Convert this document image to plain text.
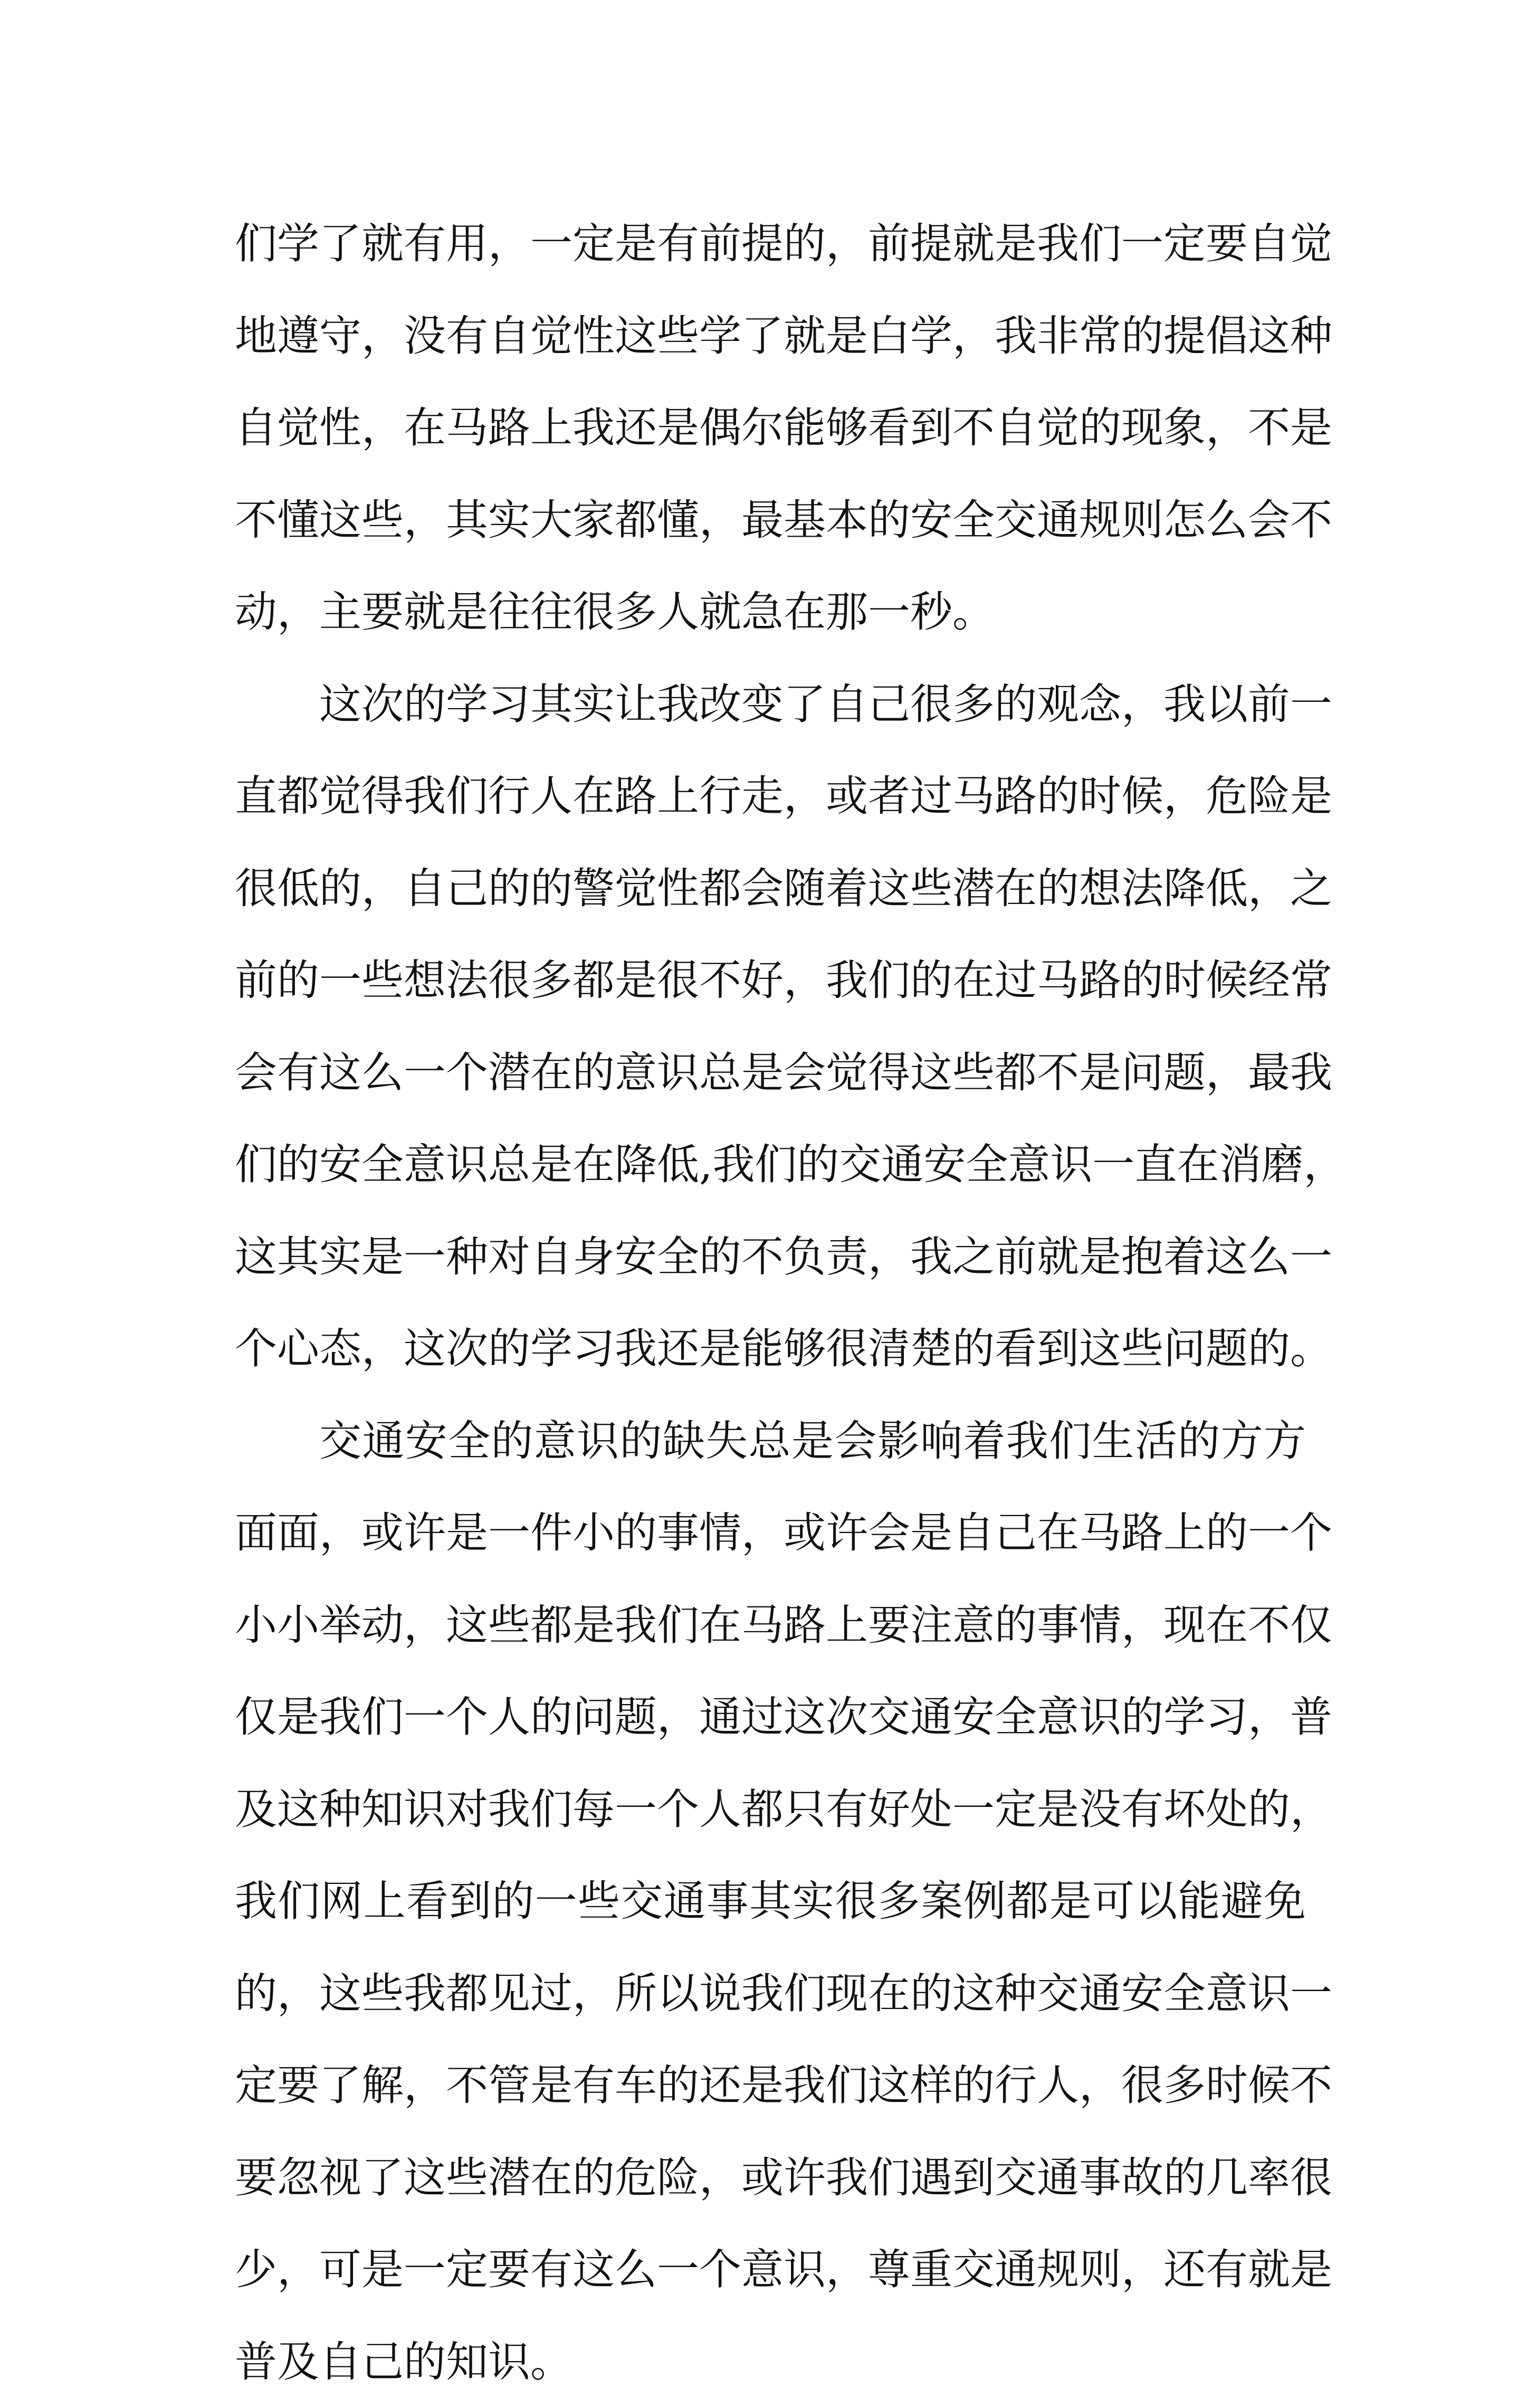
们学了就有用，一定是有前提的，前提就是我们一定要自觉
地遵守，没有自觉性这些学了就是白学，我非常的提倡这种
自觉性，在马路上我还是偶尔能够看到不自觉的现象，不是
不懂这些，其实大家都懂，最基本的安全交通规则怎么会不
动，主要就是往往很多人就急在那一秒。

这次的学习其实让我改变了自己很多的观念，我以前一
直都觉得我们行人在路上行走，或者过马路的时候，危险是
很低的，自己的的警觉性都会随着这些潜在的想法降低，之
前的一些想法很多都是很不好，我们的在过马路的时候经常
会有这么一个潜在的意识总是会觉得这些都不是问题，最我
们的安全意识总是在降低,我们的交通安全意识一直在消磨，
这其实是一种对自身安全的不负责，我之前就是抱着这么一
个心态，这次的学习我还是能够很清楚的看到这些问题的。

交通安全的意识的缺失总是会影响着我们生活的方方
面面，或许是一件小的事情，或许会是自己在马路上的一个
小小举动，这些都是我们在马路上要注意的事情，现在不仅
仅是我们一个人的问题，通过这次交通安全意识的学习，普
及这种知识对我们每一个人都只有好处一定是没有坏处的，
我们网上看到的一些交通事其实很多案例都是可以能避免
的，这些我都见过，所以说我们现在的这种交通安全意识一
定要了解，不管是有车的还是我们这样的行人，很多时候不
要忽视了这些潜在的危险，或许我们遇到交通事故的几率很
少，可是一定要有这么一个意识，尊重交通规则，还有就是
普及自己的知识。
